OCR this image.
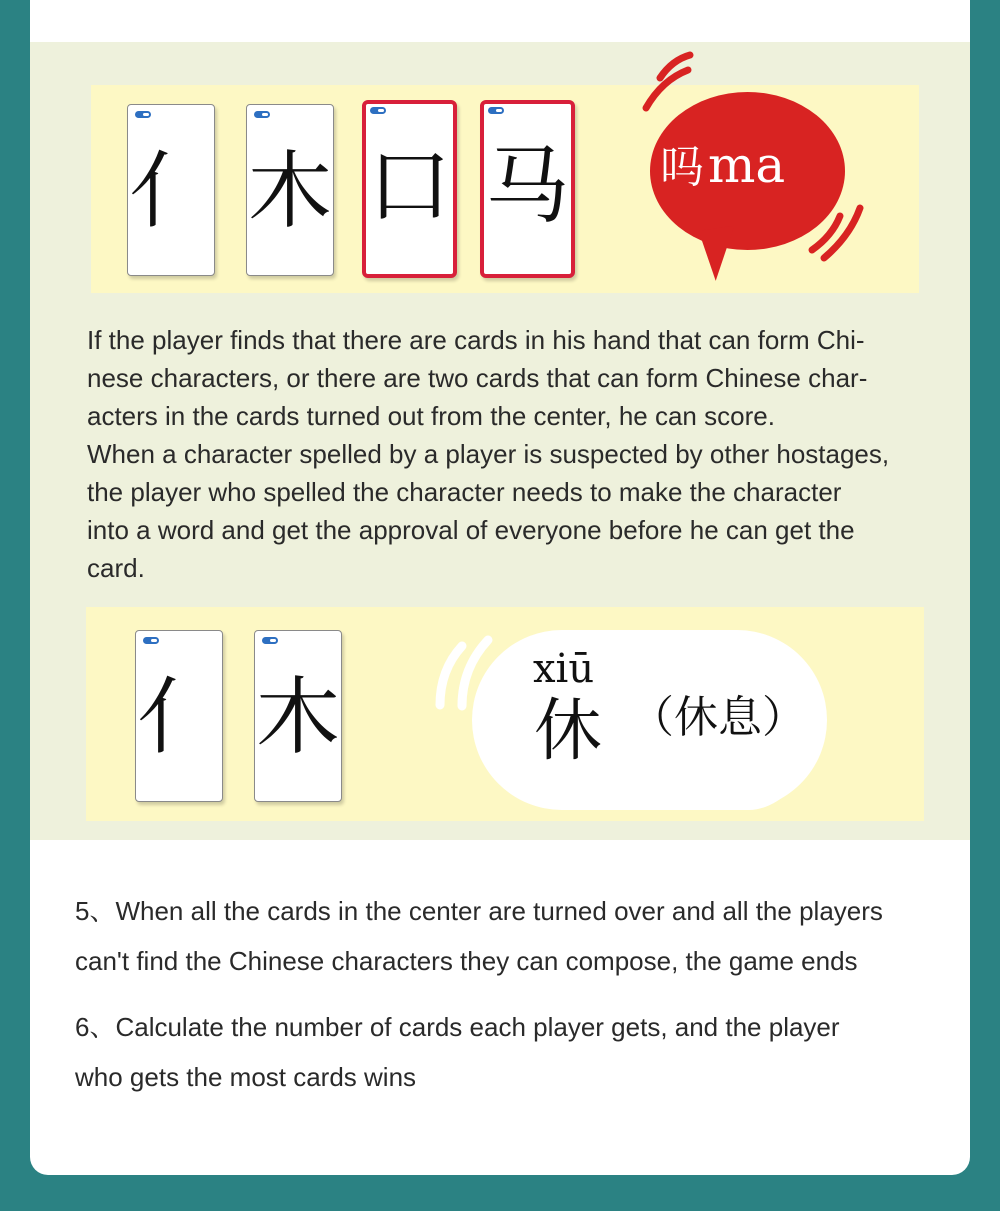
亻 木 口 马 吗ma

If the player finds that there are cards in his hand that can form Chi-

nese characters, or there are two cards that can form Chinese char-

acters in the cards turned out from the center, he can score.

When a character spelled by a player is suspected by other hostages,

the player who spelled the character needs to make the character

into a word and get the approval of everyone before he can get the

card.

亻 木	xiū
休 （休息）
5、When all the cards in the center are turned over and all the players
can't find the Chinese characters they can compose, the game ends
6、Calculate the number of cards each player gets, and the player
who gets the most cards wins
